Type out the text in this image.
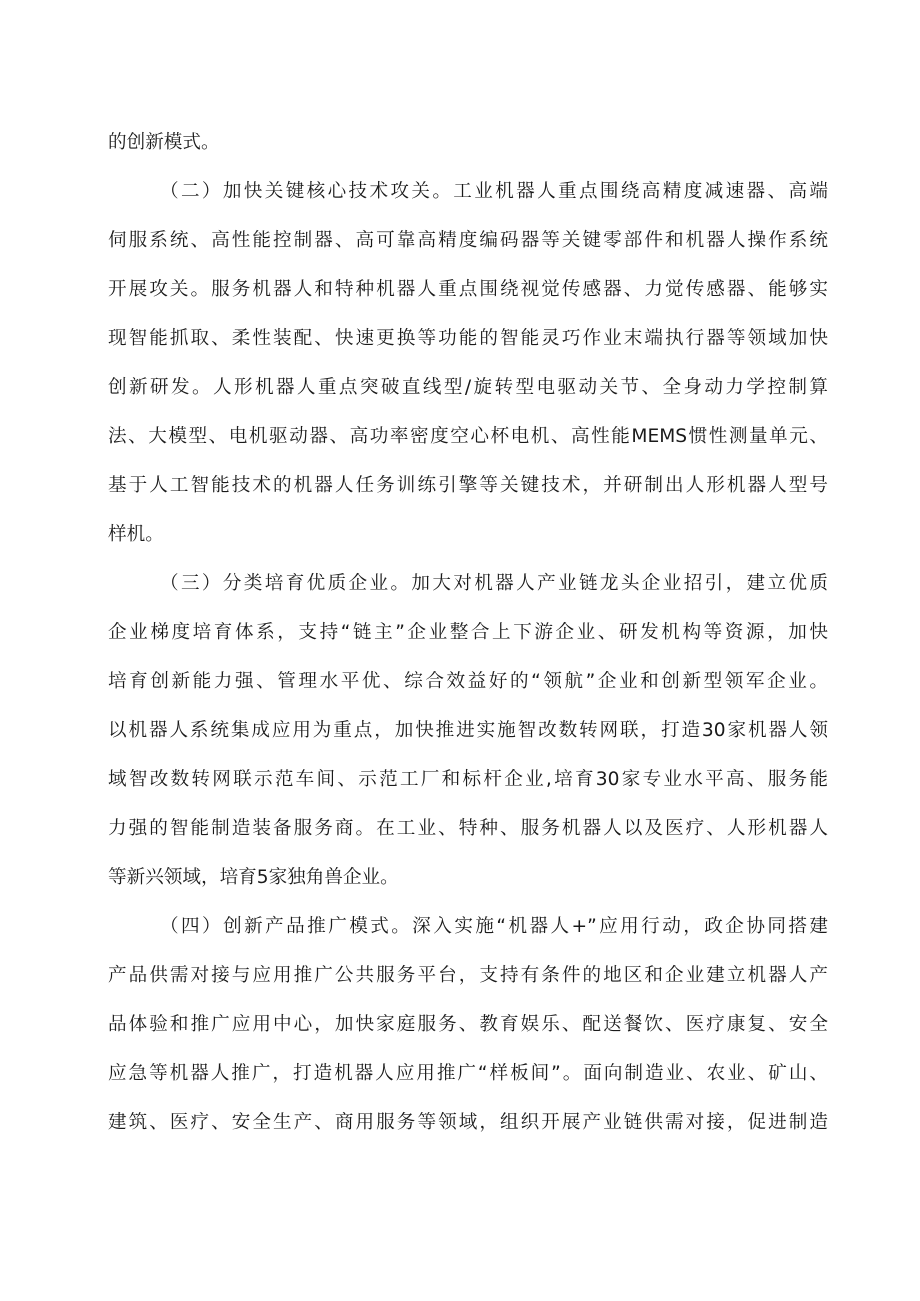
的创新模式。
（二）加快关键核心技术攻关。工业机器人重点围绕高精度减速器、高端
伺服系统、高性能控制器、高可靠高精度编码器等关键零部件和机器人操作系统
开展攻关。服务机器人和特种机器人重点围绕视觉传感器、力觉传感器、能够实
现智能抓取、柔性装配、快速更换等功能的智能灵巧作业末端执行器等领域加快
创新研发。人形机器人重点突破直线型/旋转型电驱动关节、全身动力学控制算
法、大模型、电机驱动器、高功率密度空心杯电机、高性能MEMS惯性测量单元、
基于人工智能技术的机器人任务训练引擎等关键技术，并研制出人形机器人型号
样机。
（三）分类培育优质企业。加大对机器人产业链龙头企业招引，建立优质
企业梯度培育体系，支持“链主”企业整合上下游企业、研发机构等资源，加快
培育创新能力强、管理水平优、综合效益好的“领航”企业和创新型领军企业。
以机器人系统集成应用为重点，加快推进实施智改数转网联，打造30家机器人领
域智改数转网联示范车间、示范工厂和标杆企业,培育30家专业水平高、服务能
力强的智能制造装备服务商。在工业、特种、服务机器人以及医疗、人形机器人
等新兴领域，培育5家独角兽企业。
（四）创新产品推广模式。深入实施“机器人+”应用行动，政企协同搭建
产品供需对接与应用推广公共服务平台，支持有条件的地区和企业建立机器人产
品体验和推广应用中心，加快家庭服务、教育娱乐、配送餐饮、医疗康复、安全
应急等机器人推广，打造机器人应用推广“样板间”。面向制造业、农业、矿山、
建筑、医疗、安全生产、商用服务等领域，组织开展产业链供需对接，促进制造
